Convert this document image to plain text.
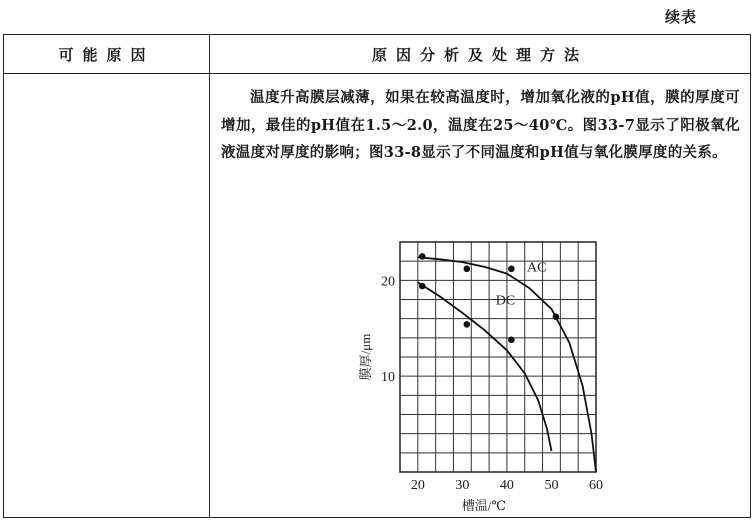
续表
可能原因	原因分析及处理方法

	温度升高膜层减薄，如果在较高温度时，增加氧化液的pH值，膜的厚度可增加，最佳的pH值在1.5～2.0，温度在25～40℃。图33-7显示了阳极氧化液温度对厚度的影响；图33-8显示了不同温度和pH值与氧化膜厚度的关系。
20 30 40 50 60
10
20
槽温/℃
膜厚/μm
AC
DC
